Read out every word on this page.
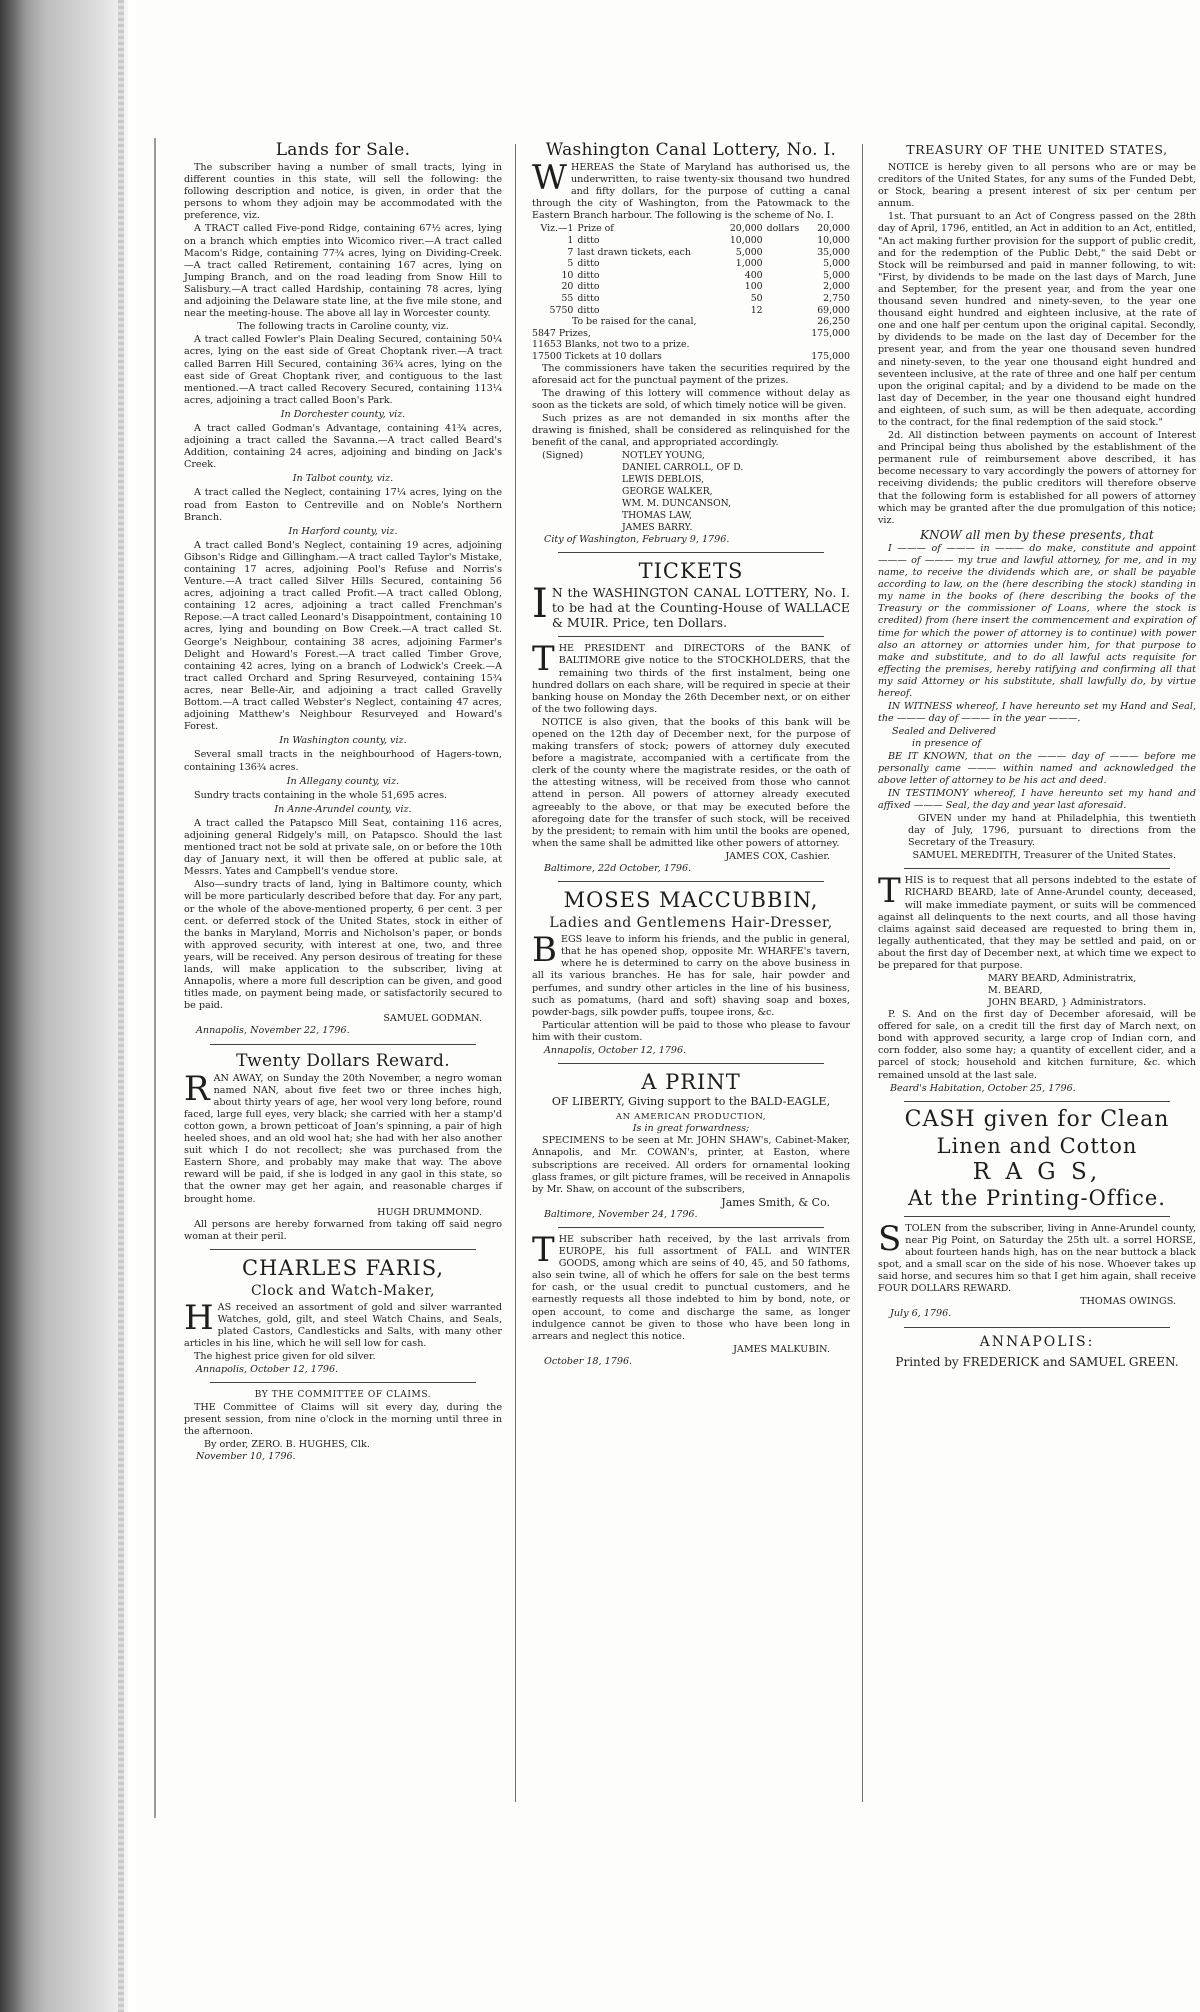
Lands for Sale.

The subscriber having a number of small tracts, lying in different counties in this state, will sell the following: the following description and notice, is given, in order that the persons to whom they adjoin may be accommodated with the preference, viz.

A TRACT called Five-pond Ridge, containing 67½ acres, lying on a branch which empties into Wicomico river.—A tract called Macom's Ridge, containing 77¾ acres, lying on Dividing-Creek.—A tract called Retirement, containing 167 acres, lying on Jumping Branch, and on the road leading from Snow Hill to Salisbury.—A tract called Hardship, containing 78 acres, lying and adjoining the Delaware state line, at the five mile stone, and near the meeting-house. The above all lay in Worcester county.

The following tracts in Caroline county, viz.

A tract called Fowler's Plain Dealing Secured, containing 50¼ acres, lying on the east side of Great Choptank river.—A tract called Barren Hill Secured, containing 36¾ acres, lying on the east side of Great Choptank river, and contiguous to the last mentioned.—A tract called Recovery Secured, containing 113¼ acres, adjoining a tract called Boon's Park.

In Dorchester county, viz.

A tract called Godman's Advantage, containing 41¾ acres, adjoining a tract called the Savanna.—A tract called Beard's Addition, containing 24 acres, adjoining and binding on Jack's Creek.

In Talbot county, viz.

A tract called the Neglect, containing 17¼ acres, lying on the road from Easton to Centreville and on Noble's Northern Branch.

In Harford county, viz.

A tract called Bond's Neglect, containing 19 acres, adjoining Gibson's Ridge and Gillingham.—A tract called Taylor's Mistake, containing 17 acres, adjoining Pool's Refuse and Norris's Venture.—A tract called Silver Hills Secured, containing 56 acres, adjoining a tract called Profit.—A tract called Oblong, containing 12 acres, adjoining a tract called Frenchman's Repose.—A tract called Leonard's Disappointment, containing 10 acres, lying and bounding on Bow Creek.—A tract called St. George's Neighbour, containing 38 acres, adjoining Farmer's Delight and Howard's Forest.—A tract called Timber Grove, containing 42 acres, lying on a branch of Lodwick's Creek.—A tract called Orchard and Spring Resurveyed, containing 15¾ acres, near Belle-Air, and adjoining a tract called Gravelly Bottom.—A tract called Webster's Neglect, containing 47 acres, adjoining Matthew's Neighbour Resurveyed and Howard's Forest.

In Washington county, viz.

Several small tracts in the neighbourhood of Hagers-town, containing 136¾ acres.

In Allegany county, viz.

Sundry tracts containing in the whole 51,695 acres.

In Anne-Arundel county, viz.

A tract called the Patapsco Mill Seat, containing 116 acres, adjoining general Ridgely's mill, on Patapsco. Should the last mentioned tract not be sold at private sale, on or before the 10th day of January next, it will then be offered at public sale, at Messrs. Yates and Campbell's vendue store.

Also—sundry tracts of land, lying in Baltimore county, which will be more particularly described before that day. For any part, or the whole of the above-mentioned property, 6 per cent. 3 per cent. or deferred stock of the United States, stock in either of the banks in Maryland, Morris and Nicholson's paper, or bonds with approved security, with interest at one, two, and three years, will be received. Any person desirous of treating for these lands, will make application to the subscriber, living at Annapolis, where a more full description can be given, and good titles made, on payment being made, or satisfactorily secured to be paid.

SAMUEL GODMAN.
Annapolis, November 22, 1796.
Twenty Dollars Reward.

RAN AWAY, on Sunday the 20th November, a negro woman named NAN, about five feet two or three inches high, about thirty years of age, her wool very long before, round faced, large full eyes, very black; she carried with her a stamp'd cotton gown, a brown petticoat of Joan's spinning, a pair of high heeled shoes, and an old wool hat; she had with her also another suit which I do not recollect; she was purchased from the Eastern Shore, and probably may make that way. The above reward will be paid, if she is lodged in any gaol in this state, so that the owner may get her again, and reasonable charges if brought home.

HUGH DRUMMOND.

All persons are hereby forwarned from taking off said negro woman at their peril.

CHARLES FARIS,
Clock and Watch-Maker,

HAS received an assortment of gold and silver warranted Watches, gold, gilt, and steel Watch Chains, and Seals, plated Castors, Candlesticks and Salts, with many other articles in his line, which he will sell low for cash.

The highest price given for old silver.

Annapolis, October 12, 1796.
BY THE COMMITTEE OF CLAIMS.

THE Committee of Claims will sit every day, during the present session, from nine o'clock in the morning until three in the afternoon.

By order, ZERO. B. HUGHES, Clk.
November 10, 1796.
Washington Canal Lottery, No. I.

WHEREAS the State of Maryland has authorised us, the underwritten, to raise twenty-six thousand two hundred and fifty dollars, for the purpose of cutting a canal through the city of Washington, from the Patowmack to the Eastern Branch harbour. The following is the scheme of No. I.

Viz.—1	Prize of	20,000	dollars	20,000
1	ditto	10,000		10,000
7	last drawn tickets, each	5,000		35,000
5	ditto	1,000		5,000
10	ditto	400		5,000
20	ditto	100		2,000
55	ditto	50		2,750
5750	ditto	12		69,000
To be raised for the canal,	26,250
5847 Prizes,	175,000
11653 Blanks, not two to a prize.	
17500 Tickets at 10 dollars	175,000

The commissioners have taken the securities required by the aforesaid act for the punctual payment of the prizes.

The drawing of this lottery will commence without delay as soon as the tickets are sold, of which timely notice will be given.

Such prizes as are not demanded in six months after the drawing is finished, shall be considered as relinquished for the benefit of the canal, and appropriated accordingly.

(Signed)	NOTLEY YOUNG,
DANIEL CARROLL, OF D.
LEWIS DEBLOIS,
GEORGE WALKER,
WM. M. DUNCANSON,
THOMAS LAW,
JAMES BARRY.
City of Washington, February 9, 1796.
TICKETS

I N the WASHINGTON CANAL LOTTERY, No. I. to be had at the Counting-House of WALLACE & MUIR. Price, ten Dollars.

THE PRESIDENT and DIRECTORS of the BANK of BALTIMORE give notice to the STOCKHOLDERS, that the remaining two thirds of the first instalment, being one hundred dollars on each share, will be required in specie at their banking house on Monday the 26th December next, or on either of the two following days.

NOTICE is also given, that the books of this bank will be opened on the 12th day of December next, for the purpose of making transfers of stock; powers of attorney duly executed before a magistrate, accompanied with a certificate from the clerk of the county where the magistrate resides, or the oath of the attesting witness, will be received from those who cannot attend in person. All powers of attorney already executed agreeably to the above, or that may be executed before the aforegoing date for the transfer of such stock, will be received by the president; to remain with him until the books are opened, when the same shall be admitted like other powers of attorney.

JAMES COX, Cashier.
Baltimore, 22d October, 1796.
MOSES MACCUBBIN,
Ladies and Gentlemens Hair-Dresser,

BEGS leave to inform his friends, and the public in general, that he has opened shop, opposite Mr. WHARFE's tavern, where he is determined to carry on the above business in all its various branches. He has for sale, hair powder and perfumes, and sundry other articles in the line of his business, such as pomatums, (hard and soft) shaving soap and boxes, powder-bags, silk powder puffs, toupee irons, &c.

Particular attention will be paid to those who please to favour him with their custom.

Annapolis, October 12, 1796.
A PRINT
OF LIBERTY, Giving support to the BALD-EAGLE,
AN AMERICAN PRODUCTION,
Is in great forwardness;

SPECIMENS to be seen at Mr. JOHN SHAW's, Cabinet-Maker, Annapolis, and Mr. COWAN's, printer, at Easton, where subscriptions are received. All orders for ornamental looking glass frames, or gilt picture frames, will be received in Annapolis by Mr. Shaw, on account of the subscribers,

James Smith, & Co.
Baltimore, November 24, 1796.

THE subscriber hath received, by the last arrivals from EUROPE, his full assortment of FALL and WINTER GOODS, among which are seins of 40, 45, and 50 fathoms, also sein twine, all of which he offers for sale on the best terms for cash, or the usual credit to punctual customers, and he earnestly requests all those indebted to him by bond, note, or open account, to come and discharge the same, as longer indulgence cannot be given to those who have been long in arrears and neglect this notice.

JAMES MALKUBIN.
October 18, 1796.
TREASURY OF THE UNITED STATES,

NOTICE is hereby given to all persons who are or may be creditors of the United States, for any sums of the Funded Debt, or Stock, bearing a present interest of six per centum per annum.

1st. That pursuant to an Act of Congress passed on the 28th day of April, 1796, entitled, an Act in addition to an Act, entitled, "An act making further provision for the support of public credit, and for the redemption of the Public Debt," the said Debt or Stock will be reimbursed and paid in manner following, to wit: "First, by dividends to be made on the last days of March, June and September, for the present year, and from the year one thousand seven hundred and ninety-seven, to the year one thousand eight hundred and eighteen inclusive, at the rate of one and one half per centum upon the original capital. Secondly, by dividends to be made on the last day of December for the present year, and from the year one thousand seven hundred and ninety-seven, to the year one thousand eight hundred and seventeen inclusive, at the rate of three and one half per centum upon the original capital; and by a dividend to be made on the last day of December, in the year one thousand eight hundred and eighteen, of such sum, as will be then adequate, according to the contract, for the final redemption of the said stock."

2d. All distinction between payments on account of Interest and Principal being thus abolished by the establishment of the permanent rule of reimbursement above described, it has become necessary to vary accordingly the powers of attorney for receiving dividends; the public creditors will therefore observe that the following form is established for all powers of attorney which may be granted after the due promulgation of this notice; viz.

KNOW all men by these presents, that

I ——— of ——— in ——— do make, constitute and appoint ——— of ——— my true and lawful attorney, for me, and in my name, to receive the dividends which are, or shall be payable according to law, on the (here describing the stock) standing in my name in the books of (here describing the books of the Treasury or the commissioner of Loans, where the stock is credited) from (here insert the commencement and expiration of time for which the power of attorney is to continue) with power also an attorney or attornies under him, for that purpose to make and substitute, and to do all lawful acts requisite for effecting the premises, hereby ratifying and confirming all that my said Attorney or his substitute, shall lawfully do, by virtue hereof.

IN WITNESS whereof, I have hereunto set my Hand and Seal, the ——— day of ——— in the year ———.

Sealed and Delivered
in presence of

BE IT KNOWN, that on the ——— day of ——— before me personally came ——— within named and acknowledged the above letter of attorney to be his act and deed.

IN TESTIMONY whereof, I have hereunto set my hand and affixed ——— Seal, the day and year last aforesaid.

GIVEN under my hand at Philadelphia, this twentieth day of July, 1796, pursuant to directions from the Secretary of the Treasury.

SAMUEL MEREDITH, Treasurer of the United States.

THIS is to request that all persons indebted to the estate of RICHARD BEARD, late of Anne-Arundel county, deceased, will make immediate payment, or suits will be commenced against all delinquents to the next courts, and all those having claims against said deceased are requested to bring them in, legally authenticated, that they may be settled and paid, on or about the first day of December next, at which time we expect to be prepared for that purpose.

MARY BEARD, Administratrix,
M. BEARD,
JOHN BEARD, } Administrators.

P. S. And on the first day of December aforesaid, will be offered for sale, on a credit till the first day of March next, on bond with approved security, a large crop of Indian corn, and corn fodder, also some hay; a quantity of excellent cider, and a parcel of stock; household and kitchen furniture, &c. which remained unsold at the last sale.

Beard's Habitation, October 25, 1796.
CASH given for Clean
Linen and Cotton
R A G S,
At the Printing-Office.

STOLEN from the subscriber, living in Anne-Arundel county, near Pig Point, on Saturday the 25th ult. a sorrel HORSE, about fourteen hands high, has on the near buttock a black spot, and a small scar on the side of his nose. Whoever takes up said horse, and secures him so that I get him again, shall receive FOUR DOLLARS REWARD.

THOMAS OWINGS.
July 6, 1796.
ANNAPOLIS:
Printed by FREDERICK and SAMUEL GREEN.
